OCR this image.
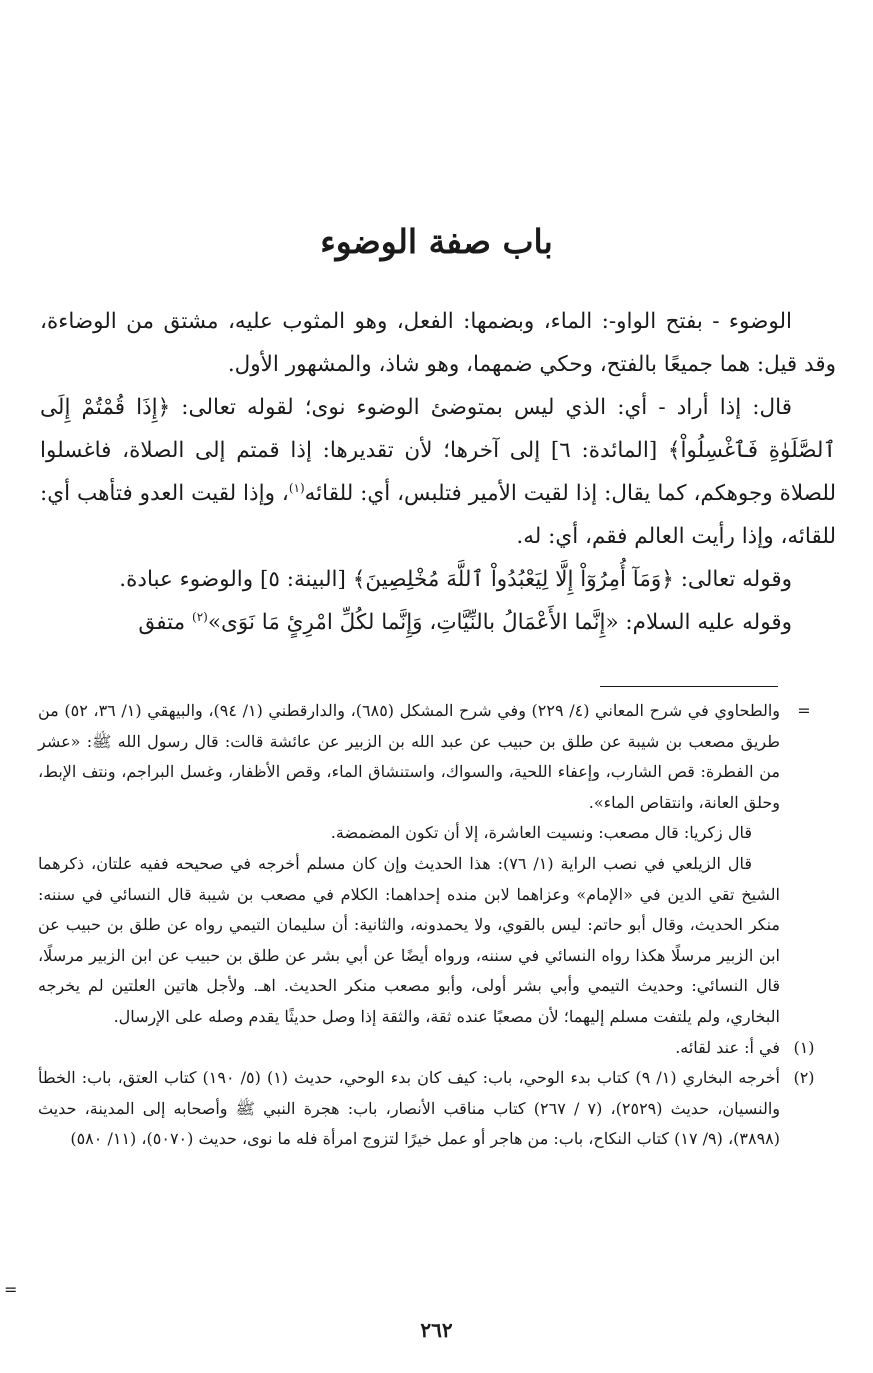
باب صفة الوضوء

الوضوء - بفتح الواو-: الماء، وبضمها: الفعل، وهو المثوب عليه، مشتق من الوضاءة، وقد قيل: هما جميعًا بالفتح، وحكي ضمهما، وهو شاذ، والمشهور الأول.

قال: إذا أراد - أي: الذي ليس بمتوضئ الوضوء نوى؛ لقوله تعالى: ﴿إِذَا قُمْتُمْ إِلَى ٱلصَّلَوٰةِ فَٱغْسِلُواْ﴾ [المائدة: ٦] إلى آخرها؛ لأن تقديرها: إذا قمتم إلى الصلاة، فاغسلوا للصلاة وجوهكم، كما يقال: إذا لقيت الأمير فتلبس، أي: للقائه$^{(١)}$، وإذا لقيت العدو فتأهب أي: للقائه، وإذا رأيت العالم فقم، أي: له.

وقوله تعالى: ﴿وَمَآ أُمِرُوٓاْ إِلَّا لِيَعْبُدُواْ ٱللَّهَ مُخْلِصِينَ﴾ [البينة: ٥] والوضوء عبادة.

وقوله عليه السلام: «إِنَّما الأَعْمَالُ بالنِّيَّاتِ، وَإِنَّما لكُلِّ امْرِئٍ مَا نَوَى»$^{(٢)}$ متفق

=

والطحاوي في شرح المعاني (٤/ ٢٢٩) وفي شرح المشكل (٦٨٥)، والدارقطني (١/ ٩٤)، والبيهقي (١/ ٣٦، ٥٢) من طريق مصعب بن شيبة عن طلق بن حبيب عن عبد الله بن الزبير عن عائشة قالت: قال رسول الله ﷺ: «عشر من الفطرة: قص الشارب، وإعفاء اللحية، والسواك، واستنشاق الماء، وقص الأظفار، وغسل البراجم، ونتف الإبط، وحلق العانة، وانتقاص الماء».

قال زكريا: قال مصعب: ونسيت العاشرة، إلا أن تكون المضمضة.

قال الزيلعي في نصب الراية (١/ ٧٦): هذا الحديث وإن كان مسلم أخرجه في صحيحه ففيه علتان، ذكرهما الشيخ تقي الدين في «الإمام» وعزاهما لابن منده إحداهما: الكلام في مصعب بن شيبة قال النسائي في سننه: منكر الحديث، وقال أبو حاتم: ليس بالقوي، ولا يحمدونه، والثانية: أن سليمان التيمي رواه عن طلق بن حبيب عن ابن الزبير مرسلًا هكذا رواه النسائي في سننه، ورواه أيضًا عن أبي بشر عن طلق بن حبيب عن ابن الزبير مرسلًا، قال النسائي: وحديث التيمي وأبي بشر أولى، وأبو مصعب منكر الحديث. اهـ. ولأجل هاتين العلتين لم يخرجه البخاري، ولم يلتفت مسلم إليهما؛ لأن مصعبًا عنده ثقة، والثقة إذا وصل حديثًا يقدم وصله على الإرسال.

(١)

في أ: عند لقائه.

(٢)

أخرجه البخاري (١/ ٩) كتاب بدء الوحي، باب: كيف كان بدء الوحي، حديث (١) (٥/ ١٩٠) كتاب العتق، باب: الخطأ والنسيان، حديث (٢٥٢٩)، (٧ / ٢٦٧) كتاب مناقب الأنصار، باب: هجرة النبي ﷺ وأصحابه إلى المدينة، حديث (٣٨٩٨)، (٩/ ١٧) كتاب النكاح، باب: من هاجر أو عمل خيرًا لتزوج امرأة فله ما نوى، حديث (٥٠٧٠)، (١١/ ٥٨٠)

=
٢٦٢
